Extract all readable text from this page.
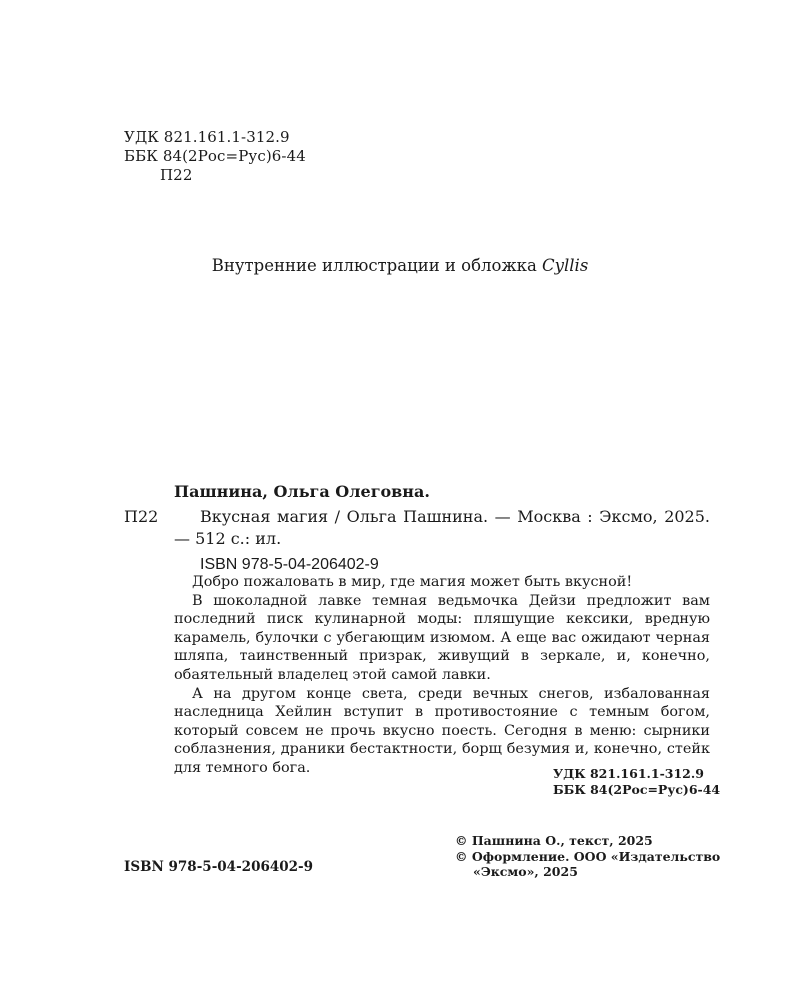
УДК 821.161.1-312.9
ББК 84(2Рос=Рус)6-44
П22
Внутренние иллюстрации и обложка Cyllis
Пашнина, Ольга Олеговна.
П22	Вкусная магия / Ольга Пашнина. — Москва : Эксмо, 2025. — 512 с.: ил.
ISBN 978-5-04-206402-9

Добро пожаловать в мир, где магия может быть вкусной!

В шоколадной лавке темная ведьмочка Дейзи предложит вам последний писк кулинарной моды: пляшущие кексики, вредную карамель, булочки с убегающим изюмом. А еще вас ожидают черная шляпа, таинственный призрак, живущий в зеркале, и, конечно, обаятельный владелец этой самой лавки.

А на другом конце света, среди вечных снегов, избалованная наследница Хейлин вступит в противостояние с темным богом, который совсем не прочь вкусно поесть. Сегодня в меню: сырники соблазнения, драники бестактности, борщ безумия и, конечно, стейк для темного бога.	УДК 821.161.1-312.9
ББК 84(2Рос=Рус)6-44
© Пашнина О., текст, 2025
© Оформление. ООО «Издательство
«Эксмо», 2025
ISBN 978-5-04-206402-9
